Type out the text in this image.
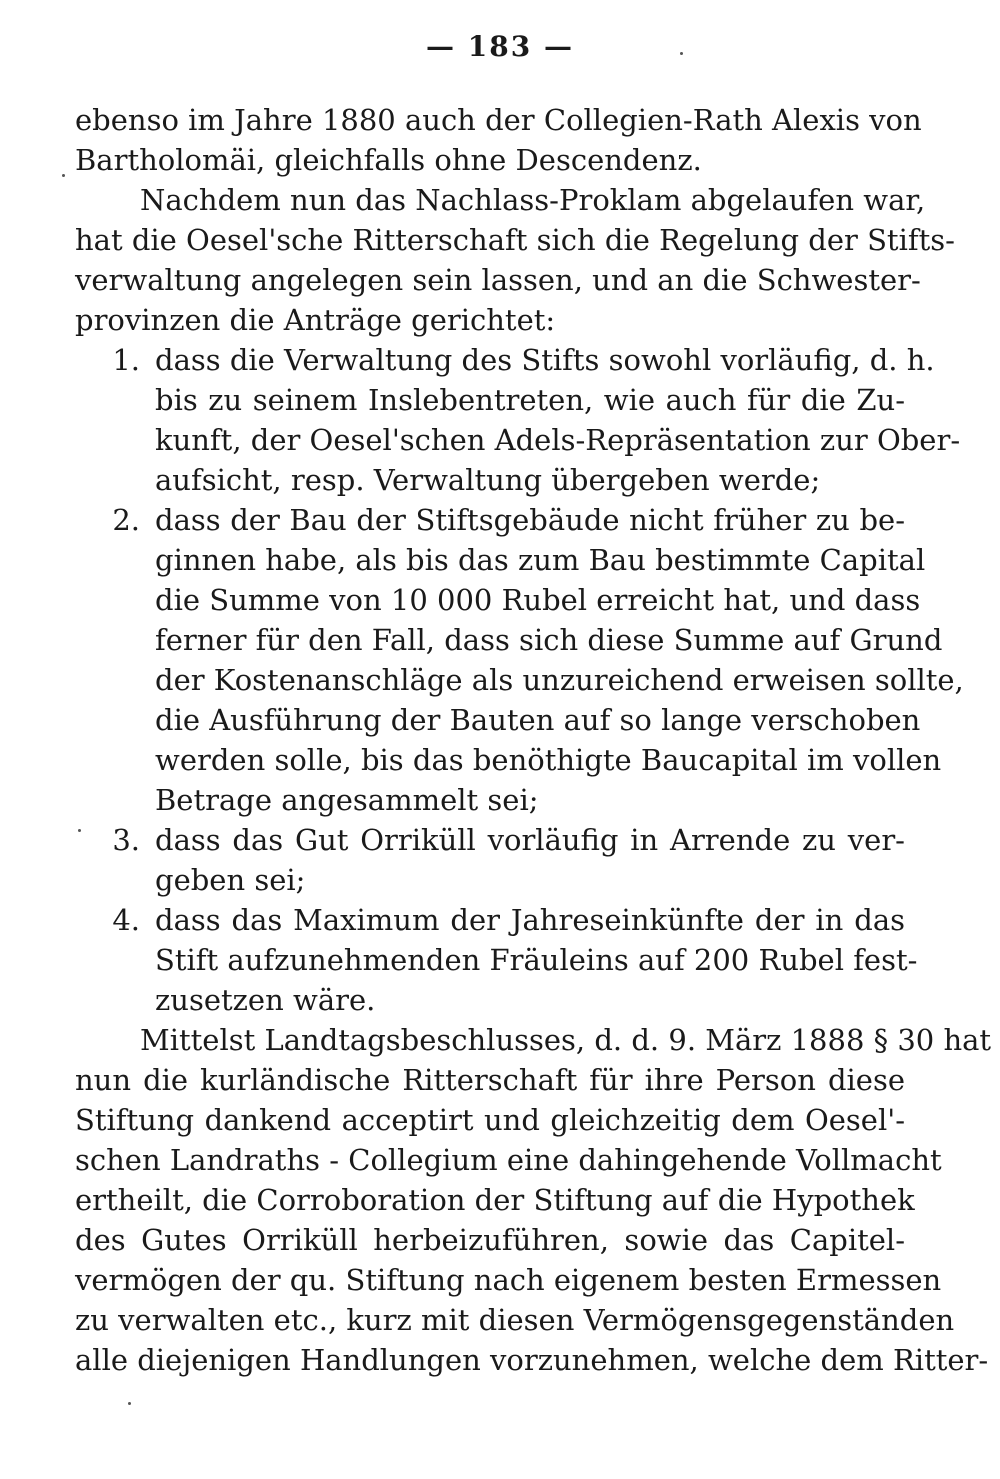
— 183 —
ebenso im Jahre 1880 auch der Collegien-Rath Alexis von
Bartholomäi, gleichfalls ohne Descendenz.
Nachdem nun das Nachlass-Proklam abgelaufen war,
hat die Oesel'sche Ritterschaft sich die Regelung der Stifts-
verwaltung angelegen sein lassen, und an die Schwester-
provinzen die Anträge gerichtet:
1. dass die Verwaltung des Stifts sowohl vorläufig, d. h.
bis zu seinem Inslebentreten, wie auch für die Zu-
kunft, der Oesel'schen Adels-Repräsentation zur Ober-
aufsicht, resp. Verwaltung übergeben werde;
2. dass der Bau der Stiftsgebäude nicht früher zu be-
ginnen habe, als bis das zum Bau bestimmte Capital
die Summe von 10 000 Rubel erreicht hat, und dass
ferner für den Fall, dass sich diese Summe auf Grund
der Kostenanschläge als unzureichend erweisen sollte,
die Ausführung der Bauten auf so lange verschoben
werden solle, bis das benöthigte Baucapital im vollen
Betrage angesammelt sei;
3. dass das Gut Orriküll vorläufig in Arrende zu ver-
geben sei;
4. dass das Maximum der Jahreseinkünfte der in das
Stift aufzunehmenden Fräuleins auf 200 Rubel fest-
zusetzen wäre.
Mittelst Landtagsbeschlusses, d. d. 9. März 1888 § 30 hat
nun die kurländische Ritterschaft für ihre Person diese
Stiftung dankend acceptirt und gleichzeitig dem Oesel'-
schen Landraths - Collegium eine dahingehende Vollmacht
ertheilt, die Corroboration der Stiftung auf die Hypothek
des Gutes Orriküll herbeizuführen, sowie das Capitel-
vermögen der qu. Stiftung nach eigenem besten Ermessen
zu verwalten etc., kurz mit diesen Vermögensgegenständen
alle diejenigen Handlungen vorzunehmen, welche dem Ritter-
